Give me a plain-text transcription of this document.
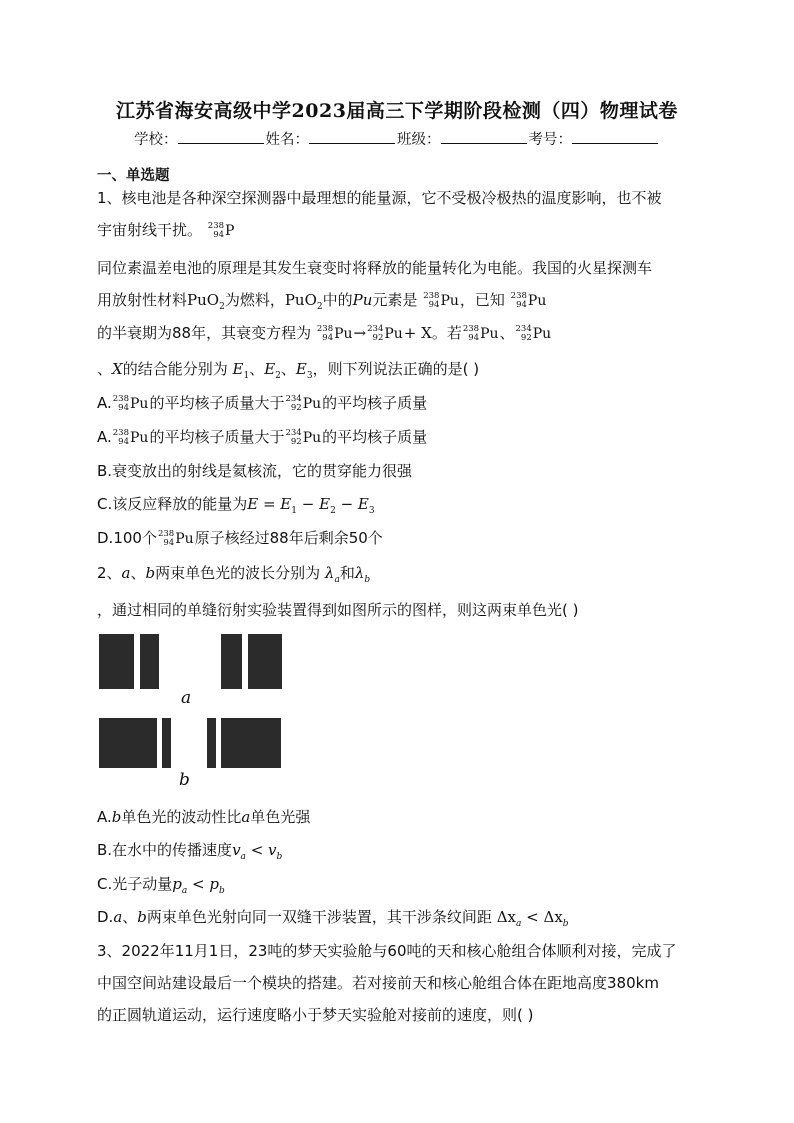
江苏省海安高级中学2023届高三下学期阶段检测（四）物理试卷
学校：	姓名：	班级：	考号：
一、单选题
1、核电池是各种深空探测器中最理想的能量源，它不受极冷极热的温度影响，也不被
宇宙射线干扰。 238
94 P
同位素温差电池的原理是其发生衰变时将释放的能量转化为电能。我国的火星探测车
用放射性材料PuO$_2$为燃料，PuO$_2$中的Pu元素是 238
94 Pu ，已知 238
94 Pu
的半衰期为88年，其衰变方程为 238
94 Pu → 234
92 Pu + X。若 238
94 Pu 、 234
92 Pu
、X的结合能分别为 $E_1$、$E_2$、$E_3$，则下列说法正确的是( )
A. 238
94 Pu 的平均核子质量大于 234
92 Pu 的平均核子质量
A. 238
94 Pu 的平均核子质量大于 234
92 Pu 的平均核子质量
B.衰变放出的射线是氦核流，它的贯穿能力很强
C.该反应释放的能量为$E = E_1 - E_2 - E_3$
D.100个 238
94 Pu 原子核经过88年后剩余50个
2、a、b两束单色光的波长分别为 $\lambda_a$和$\lambda_b$
，通过相同的单缝衍射实验装置得到如图所示的图样，则这两束单色光( )
a
b
A.b单色光的波动性比a单色光强
B.在水中的传播速度$v_a < v_b$
C.光子动量$p_a < p_b$
D.a、b两束单色光射向同一双缝干涉装置，其干涉条纹间距 $\Delta x_a < \Delta x_b$
3、2022年11月1日，23吨的梦天实验舱与60吨的天和核心舱组合体顺利对接，完成了
中国空间站建设最后一个模块的搭建。若对接前天和核心舱组合体在距地高度380km
的正圆轨道运动，运行速度略小于梦天实验舱对接前的速度，则( )
